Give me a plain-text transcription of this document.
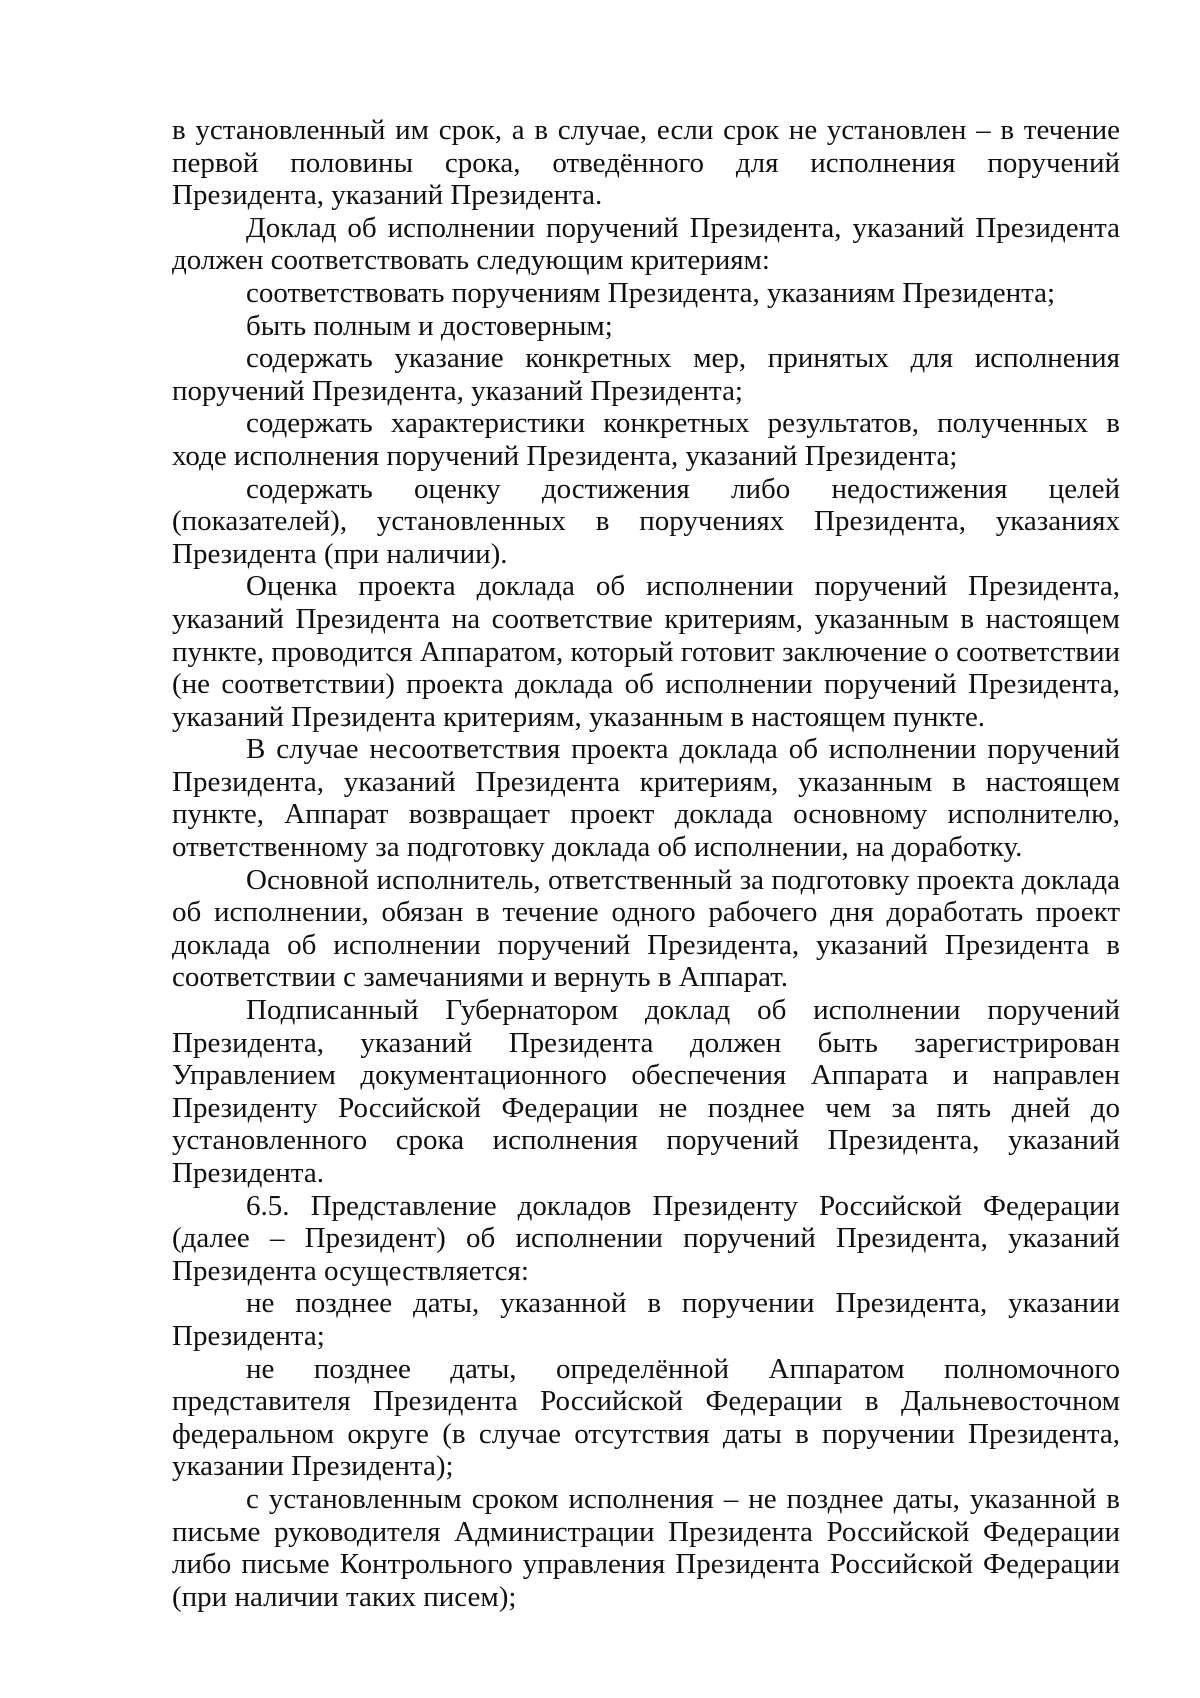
в установленный им срок, а в случае, если срок не установлен – в течение первой половины срока, отведённого для исполнения поручений Президента, указаний Президента.

Доклад об исполнении поручений Президента, указаний Президента должен соответствовать следующим критериям:

соответствовать поручениям Президента, указаниям Президента;

быть полным и достоверным;

содержать указание конкретных мер, принятых для исполнения поручений Президента, указаний Президента;

содержать характеристики конкретных результатов, полученных в ходе исполнения поручений Президента, указаний Президента;

содержать оценку достижения либо недостижения целей (показателей), установленных в поручениях Президента, указаниях Президента (при наличии).

Оценка проекта доклада об исполнении поручений Президента, указаний Президента на соответствие критериям, указанным в настоящем пункте, проводится Аппаратом, который готовит заключение о соответствии (не соответствии) проекта доклада об исполнении поручений Президента, указаний Президента критериям, указанным в настоящем пункте.

В случае несоответствия проекта доклада об исполнении поручений Президента, указаний Президента критериям, указанным в настоящем пункте, Аппарат возвращает проект доклада основному исполнителю, ответственному за подготовку доклада об исполнении, на доработку.

Основной исполнитель, ответственный за подготовку проекта доклада об исполнении, обязан в течение одного рабочего дня доработать проект доклада об исполнении поручений Президента, указаний Президента в соответствии с замечаниями и вернуть в Аппарат.

Подписанный Губернатором доклад об исполнении поручений Президента, указаний Президента должен быть зарегистрирован Управлением документационного обеспечения Аппарата и направлен Президенту Российской Федерации не позднее чем за пять дней до установленного срока исполнения поручений Президента, указаний Президента.

6.5. Представление докладов Президенту Российской Федерации (далее – Президент) об исполнении поручений Президента, указаний Президента осуществляется:

не позднее даты, указанной в поручении Президента, указании Президента;

не позднее даты, определённой Аппаратом полномочного представителя Президента Российской Федерации в Дальневосточном федеральном округе (в случае отсутствия даты в поручении Президента, указании Президента);

с установленным сроком исполнения – не позднее даты, указанной в письме руководителя Администрации Президента Российской Федерации либо письме Контрольного управления Президента Российской Федерации (при наличии таких писем);
